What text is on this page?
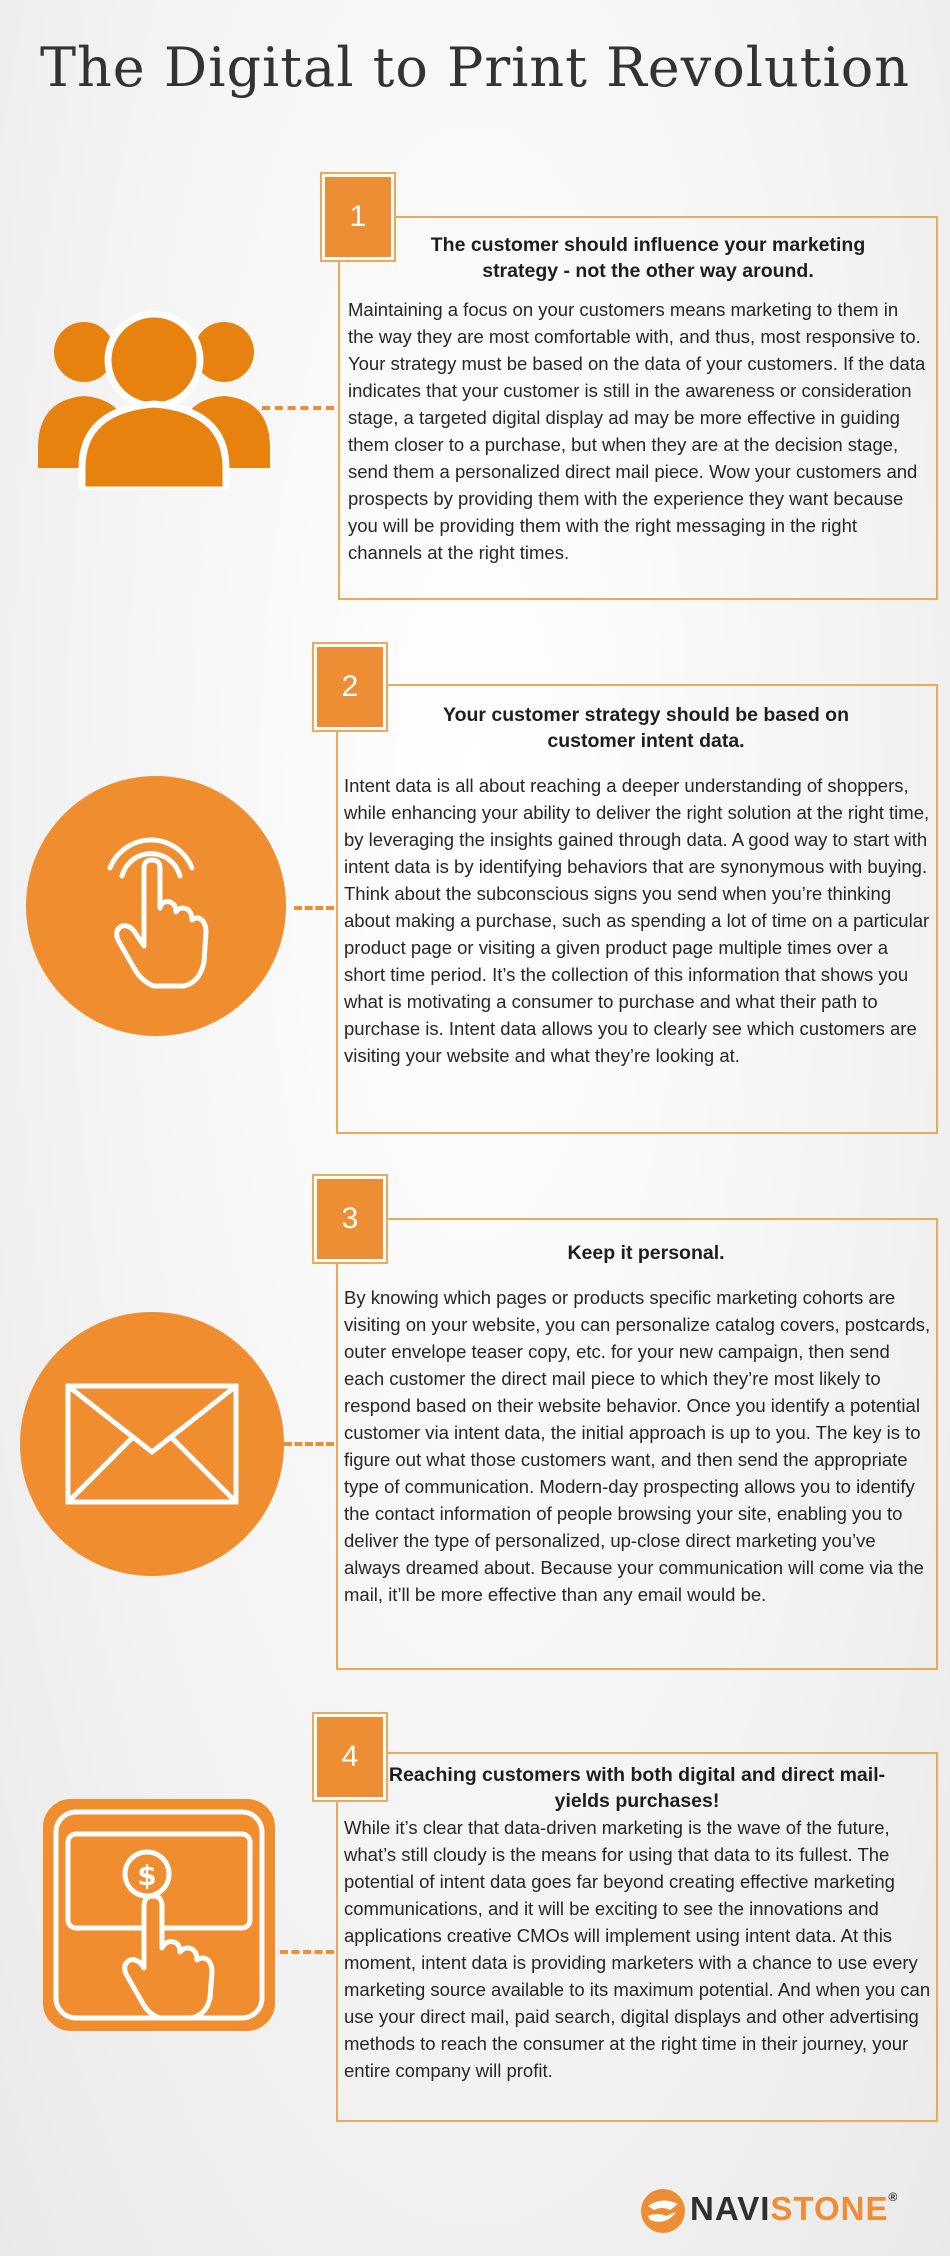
The Digital to Print Revolution
1
The customer should influence your marketing strategy - not the other way around.
Maintaining a focus on your customers means marketing to them in the way they are most comfortable with, and thus, most responsive to. Your strategy must be based on the data of your customers. If the data indicates that your customer is still in the awareness or consideration stage, a targeted digital display ad may be more effective in guiding them closer to a purchase, but when they are at the decision stage, send them a personalized direct mail piece. Wow your customers and prospects by providing them with the experience they want because you will be providing them with the right messaging in the right channels at the right times.
2
Your customer strategy should be based on customer intent data.
Intent data is all about reaching a deeper understanding of shoppers, while enhancing your ability to deliver the right solution at the right time, by leveraging the insights gained through data. A good way to start with intent data is by identifying behaviors that are synonymous with buying. Think about the subconscious signs you send when you’re thinking about making a purchase, such as spending a lot of time on a particular product page or visiting a given product page multiple times over a short time period. It’s the collection of this information that shows you what is motivating a consumer to purchase and what their path to purchase is. Intent data allows you to clearly see which customers are visiting your website and what they’re looking at.
3
Keep it personal.
By knowing which pages or products specific marketing cohorts are visiting on your website, you can personalize catalog covers, postcards, outer envelope teaser copy, etc. for your new campaign, then send each customer the direct mail piece to which they’re most likely to respond based on their website behavior. Once you identify a potential customer via intent data, the initial approach is up to you. The key is to figure out what those customers want, and then send the appropriate type of communication. Modern-day prospecting allows you to identify the contact information of people browsing your site, enabling you to deliver the type of personalized, up-close direct marketing you’ve always dreamed about. Because your communication will come via the mail, it’ll be more effective than any email would be.
$
4
Reaching customers with both digital and direct mail- yields purchases!
While it’s clear that data-driven marketing is the wave of the future, what’s still cloudy is the means for using that data to its fullest. The potential of intent data goes far beyond creating effective marketing communications, and it will be exciting to see the innovations and applications creative CMOs will implement using intent data. At this moment, intent data is providing marketers with a chance to use every marketing source available to its maximum potential. And when you can use your direct mail, paid search, digital displays and other advertising methods to reach the consumer at the right time in their journey, your entire company will profit.
NAVISTONE®
